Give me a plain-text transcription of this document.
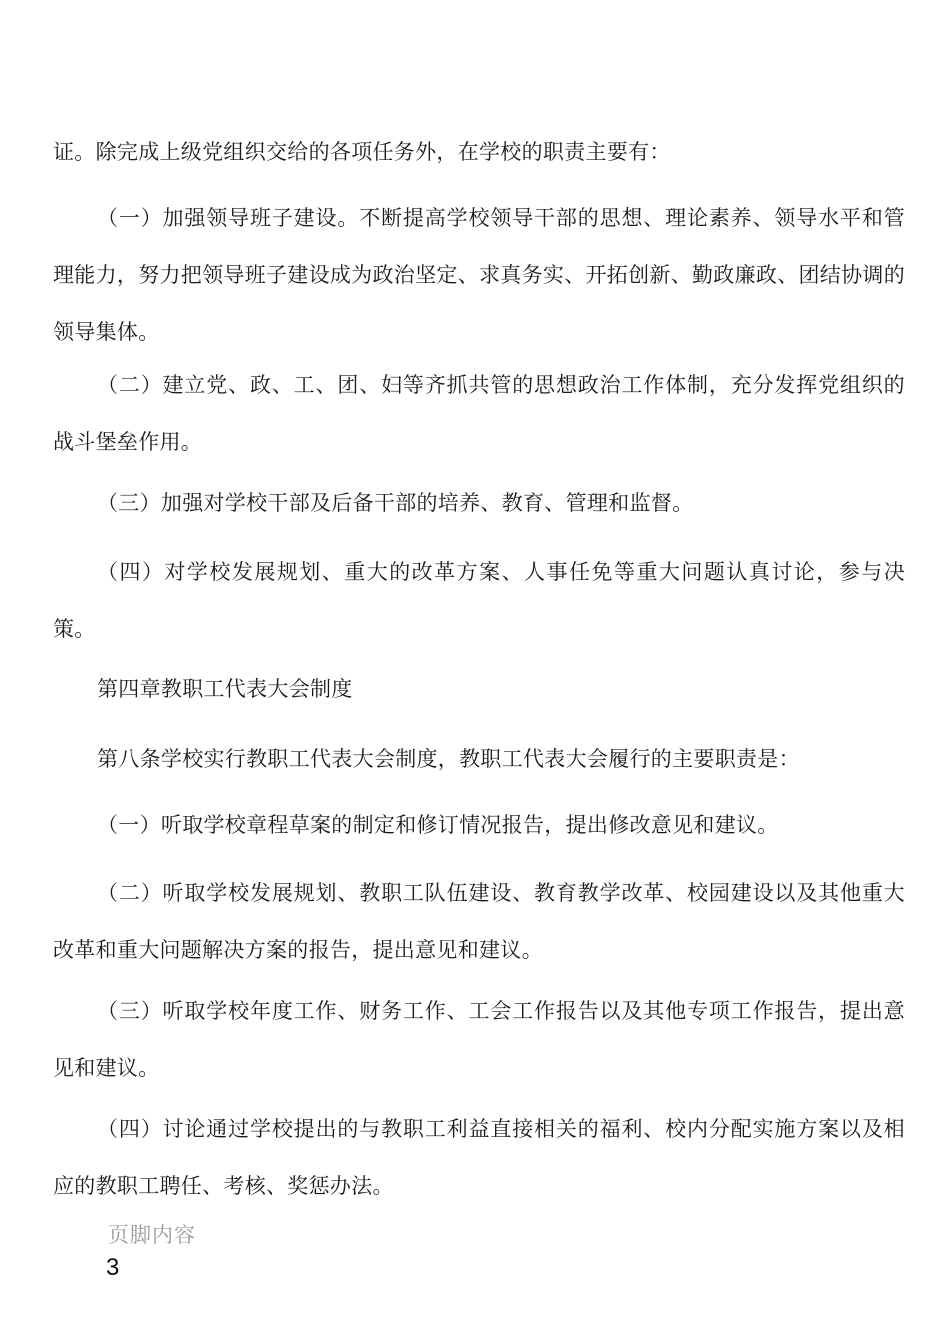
证。除完成上级党组织交给的各项任务外，在学校的职责主要有：

（一）加强领导班子建设。不断提高学校领导干部的思想、理论素养、领导水平和管理能力，努力把领导班子建设成为政治坚定、求真务实、开拓创新、勤政廉政、团结协调的领导集体。

（二）建立党、政、工、团、妇等齐抓共管的思想政治工作体制，充分发挥党组织的战斗堡垒作用。

（三）加强对学校干部及后备干部的培养、教育、管理和监督。

（四）对学校发展规划、重大的改革方案、人事任免等重大问题认真讨论，参与决策。

第四章教职工代表大会制度

第八条学校实行教职工代表大会制度，教职工代表大会履行的主要职责是：

（一）听取学校章程草案的制定和修订情况报告，提出修改意见和建议。

（二）听取学校发展规划、教职工队伍建设、教育教学改革、校园建设以及其他重大改革和重大问题解决方案的报告，提出意见和建议。

（三）听取学校年度工作、财务工作、工会工作报告以及其他专项工作报告，提出意见和建议。

（四）讨论通过学校提出的与教职工利益直接相关的福利、校内分配实施方案以及相应的教职工聘任、考核、奖惩办法。

页脚内容
3
